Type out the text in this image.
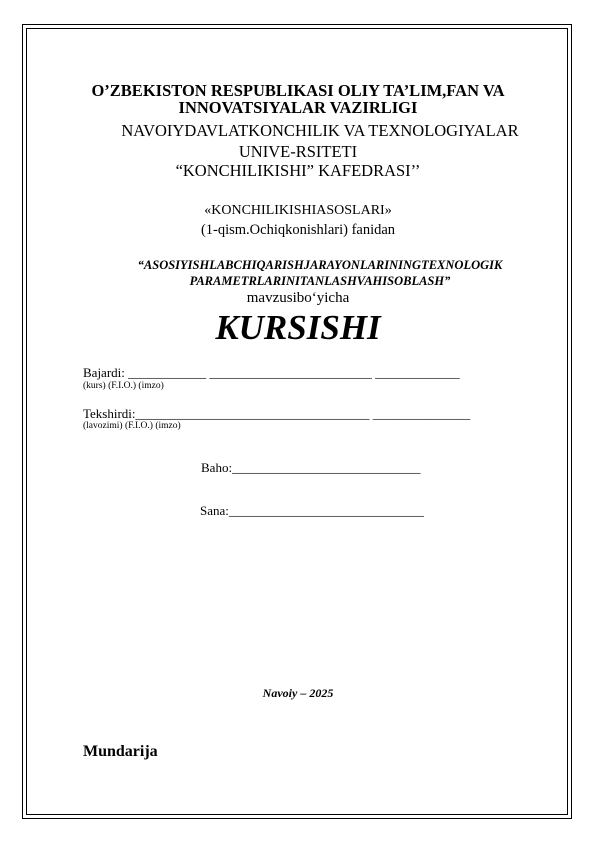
O’ZBEKISTON RESPUBLIKASI OLIY TA’LIM,FAN VA
INNOVATSIYALAR VAZIRLIGI
NAVOIYDAVLATKONCHILIK VA TEXNOLOGIYALAR
UNIVE-RSITETI
“KONCHILIKISHI” KAFEDRASI’’
«KONCHILIKISHIASOSLARI»
(1-qism.Ochiqkonishlari) fanidan
“ASOSIYISHLABCHIQARISHJARAYONLARININGTEXNOLOGIK
PARAMETRLARINITANLASHVAHISOBLASH”
mavzusibo‘yicha
KURSISHI
Bajardi: ____________ _________________________ _____________
(kurs) (F.I.O.) (imzo)
Tekshirdi:____________________________________ _______________
(lavozimi) (F.I.O.) (imzo)
Baho:_____________________________
Sana:______________________________
Navoiy – 2025
Mundarija
